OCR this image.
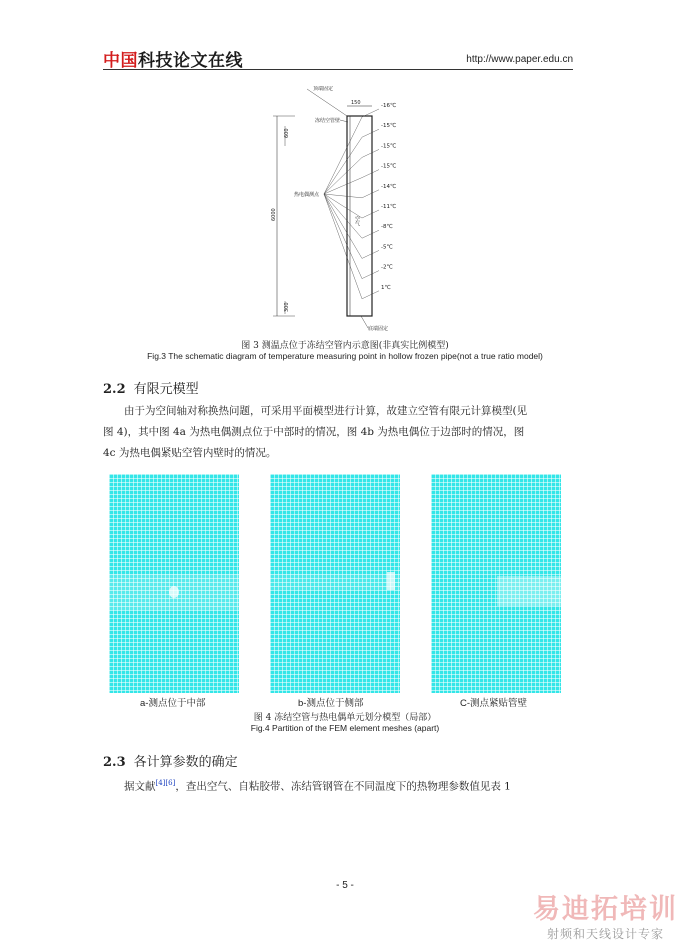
中国科技论文在线	http://www.paper.edu.cn
150
顶端固定
冻结空管壁
热电偶测点
空气
6000
600
300
底端固定
-16℃
-15℃
-15℃
-15℃
-14℃
-11℃
-8℃
-5℃
-2℃
1℃
图 3 测温点位于冻结空管内示意图(非真实比例模型)
Fig.3 The schematic diagram of temperature measuring point in hollow frozen pipe(not a true ratio model)
2.2 有限元模型
由于为空间轴对称换热问题，可采用平面模型进行计算，故建立空管有限元计算模型(见
图 4)，其中图 4a 为热电偶测点位于中部时的情况，图 4b 为热电偶位于边部时的情况，图
4c 为热电偶紧贴空管内壁时的情况。
a-测点位于中部	b-测点位于侧部	C-测点紧贴管壁
图 4 冻结空管与热电偶单元划分模型（局部）
Fig.4 Partition of the FEM element meshes (apart)
2.3 各计算参数的确定
据文献[4][6]，查出空气、自粘胶带、冻结管钢管在不同温度下的热物理参数值见表 1
- 5 -
易迪拓培训
射频和天线设计专家
